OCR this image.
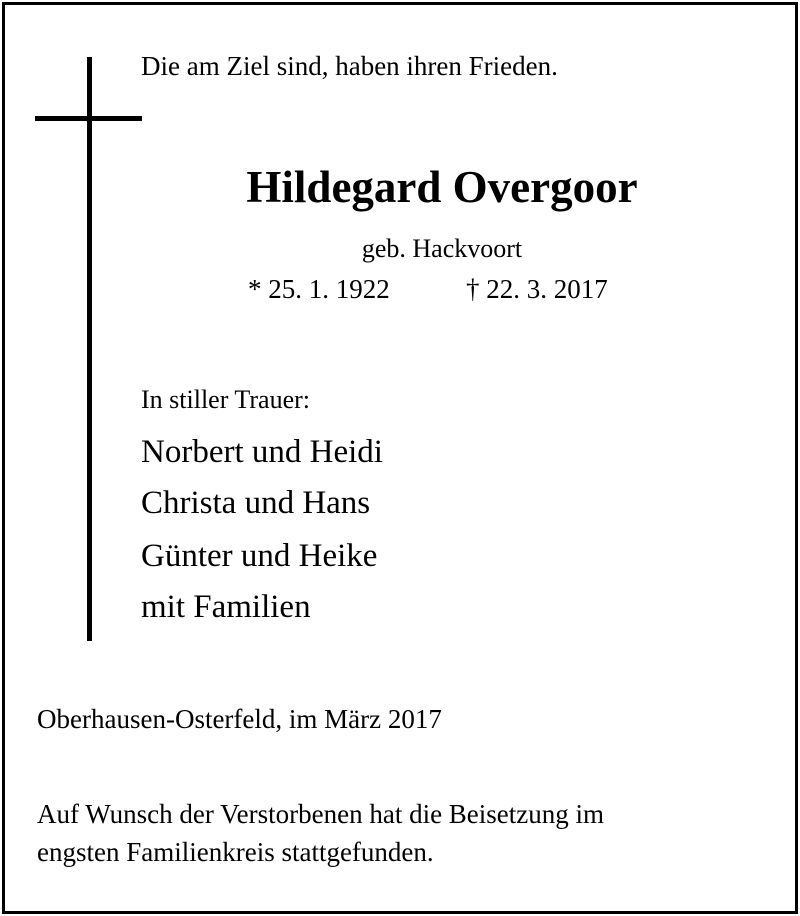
Die am Ziel sind, haben ihren Frieden.
Hildegard Overgoor
geb. Hackvoort
* 25. 1. 1922	† 22. 3. 2017
In stiller Trauer:
Norbert und Heidi
Christa und Hans
Günter und Heike
mit Familien
Oberhausen-Osterfeld, im März 2017
Auf Wunsch der Verstorbenen hat die Beisetzung im
engsten Familienkreis stattgefunden.
